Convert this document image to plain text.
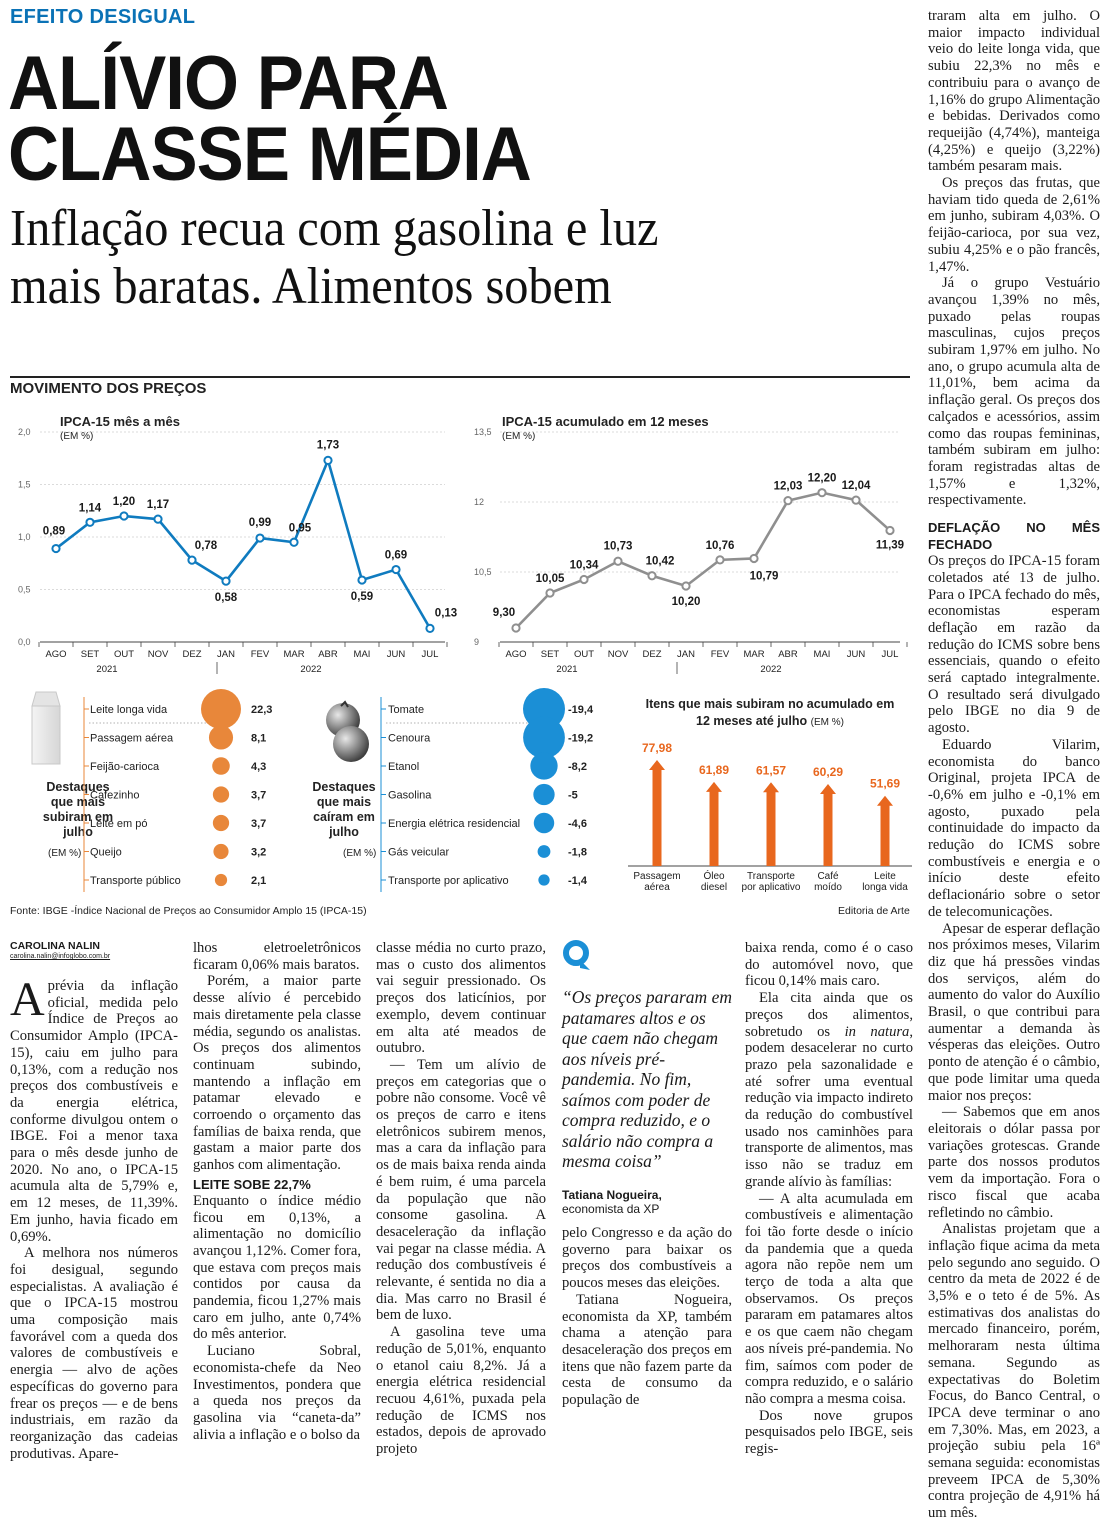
EFEITO DESIGUAL
ALÍVIO PARA
CLASSE MÉDIA
Inflação recua com gasolina e luz
mais baratas. Alimentos sobem
MOVIMENTO DOS PREÇOS
IPCA-15 mês a mês
(EM %)
0,0
0,5
1,0
1,5
2,0
AGO SET OUT NOV DEZ JAN FEV MAR ABR MAI JUN JUL
2021	2022
0,89
1,14
1,20 1,17
0,78
0,58
0,99 0,95
1,73
0,59
0,69
0,13
IPCA-15 acumulado em 12 meses
(EM %)
9
10,5
12
13,5
AGO SET OUT NOV DEZ JAN FEV MAR ABR MAI JUN JUL
2021	2022
9,30
10,05
10,34
10,73
10,42
10,20
10,76
10,79
12,03
12,20
12,04
11,39
Destaques que mais subiram em julho
(EM %)
Leite longa vida	22,3
Passagem aérea	8,1
Feijão-carioca	4,3
Cafezinho	3,7
Leite em pó	3,7
Queijo	3,2
Transporte público	2,1
Destaques que mais caíram em julho
(EM %)
Tomate	-19,4
Cenoura	-19,2
Etanol	-8,2
Gasolina	-5
Energia elétrica residencial	-4,6
Gás veicular	-1,8
Transporte por aplicativo	-1,4
Itens que mais subiram no acumulado em 12 meses até julho (EM %)
77,98
Passagem
aérea
61,89
Óleo
diesel
61,57
Transporte
por aplicativo
60,29
Café
moído
51,69
Leite
longa vida
Fonte: IBGE -Índice Nacional de Preços ao Consumidor Amplo 15 (IPCA-15)	Editoria de Arte
CAROLINA NALIN
carolina.nalin@infoglobo.com.br

Aprévia da inflação oficial, medida pelo Índice de Preços ao Consumidor Amplo (IPCA-15), caiu em julho para 0,13%, com a redução nos preços dos combustíveis e da energia elétrica, conforme divulgou ontem o IBGE. Foi a menor taxa para o mês desde junho de 2020. No ano, o IPCA-15 acumula alta de 5,79% e, em 12 meses, de 11,39%. Em junho, havia ficado em 0,69%.

A melhora nos números foi desigual, segundo especialistas. A avaliação é que o IPCA-15 mostrou uma composição mais favorável com a queda dos valores de combustíveis e energia — alvo de ações específicas do governo para frear os preços — e de bens industriais, em razão da reorganização das cadeias produtivas. Apare-

lhos eletroeletrônicos ficaram 0,06% mais baratos.

Porém, a maior parte desse alívio é percebido mais diretamente pela classe média, segundo os analistas. Os preços dos alimentos continuam subindo, mantendo a inflação em patamar elevado e corroendo o orçamento das famílias de baixa renda, que gastam a maior parte dos ganhos com alimentação.

LEITE SOBE 22,7%

Enquanto o índice médio ficou em 0,13%, a alimentação no domicílio avançou 1,12%. Comer fora, que estava com preços mais contidos por causa da pandemia, ficou 1,27% mais caro em julho, ante 0,74% do mês anterior.

Luciano Sobral, economista-chefe da Neo Investimentos, pondera que a queda nos preços da gasolina via “caneta-da” alivia a inflação e o bolso da

classe média no curto prazo, mas o custo dos alimentos vai seguir pressionado. Os preços dos laticínios, por exemplo, devem continuar em alta até meados de outubro.

— Tem um alívio de preços em categorias que o pobre não consome. Você vê os preços de carro e itens eletrônicos subirem menos, mas a cara da inflação para os de mais baixa renda ainda é bem ruim, é uma parcela da população que não consome gasolina. A desaceleração da inflação vai pegar na classe média. A redução dos combustíveis é relevante, é sentida no dia a dia. Mas carro no Brasil é bem de luxo.

A gasolina teve uma redução de 5,01%, enquanto o etanol caiu 8,2%. Já a energia elétrica residencial recuou 4,61%, puxada pela redução de ICMS nos estados, depois de aprovado projeto

“Os preços pararam em patamares altos e os que caem não chegam aos níveis pré-pandemia. No fim, saímos com poder de compra reduzido, e o salário não compra a mesma coisa”
Tatiana Nogueira,
economista da XP

pelo Congresso e da ação do governo para baixar os preços dos combustíveis a poucos meses das eleições.

Tatiana Nogueira, economista da XP, também chama a atenção para desaceleração dos preços em itens que não fazem parte da cesta de consumo da população de

baixa renda, como é o caso do automóvel novo, que ficou 0,14% mais caro.

Ela cita ainda que os preços dos alimentos, sobretudo os in natura, podem desacelerar no curto prazo pela sazonalidade e até sofrer uma eventual redução via impacto indireto da redução do combustível usado nos caminhões para transporte de alimentos, mas isso não se traduz em grande alívio às famílias:

— A alta acumulada em combustíveis e alimentação foi tão forte desde o início da pandemia que a queda agora não repõe nem um terço de toda a alta que observamos. Os preços pararam em patamares altos e os que caem não chegam aos níveis pré-pandemia. No fim, saímos com poder de compra reduzido, e o salário não compra a mesma coisa.

Dos nove grupos pesquisados pelo IBGE, seis regis-

traram alta em julho. O maior impacto individual veio do leite longa vida, que subiu 22,3% no mês e contribuiu para o avanço de 1,16% do grupo Alimentação e bebidas. Derivados como requeijão (4,74%), manteiga (4,25%) e queijo (3,22%) também pesaram mais.

Os preços das frutas, que haviam tido queda de 2,61% em junho, subiram 4,03%. O feijão-carioca, por sua vez, subiu 4,25% e o pão francês, 1,47%.

Já o grupo Vestuário avançou 1,39% no mês, puxado pelas roupas masculinas, cujos preços subiram 1,97% em julho. No ano, o grupo acumula alta de 11,01%, bem acima da inflação geral. Os preços dos calçados e acessórios, assim como das roupas femininas, também subiram em julho: foram registradas altas de 1,57% e 1,32%, respectivamente.

DEFLAÇÃO NO MÊS FECHADO

Os preços do IPCA-15 foram coletados até 13 de julho. Para o IPCA fechado do mês, economistas esperam deflação em razão da redução do ICMS sobre bens essenciais, quando o efeito será captado integralmente. O resultado será divulgado pelo IBGE no dia 9 de agosto.

Eduardo Vilarim, economista do banco Original, projeta IPCA de -0,6% em julho e -0,1% em agosto, puxado pela continuidade do impacto da redução do ICMS sobre combustíveis e energia e o início deste efeito deflacionário sobre o setor de telecomunicações.

Apesar de esperar deflação nos próximos meses, Vilarim diz que há pressões vindas dos serviços, além do aumento do valor do Auxílio Brasil, o que contribui para aumentar a demanda às vésperas das eleições. Outro ponto de atenção é o câmbio, que pode limitar uma queda maior nos preços:

— Sabemos que em anos eleitorais o dólar passa por variações grotescas. Grande parte dos nossos produtos vem da importação. Fora o risco fiscal que acaba refletindo no câmbio.

Analistas projetam que a inflação fique acima da meta pelo segundo ano seguido. O centro da meta de 2022 é de 3,5% e o teto é de 5%. As estimativas dos analistas do mercado financeiro, porém, melhoraram nesta última semana. Segundo as expectativas do Boletim Focus, do Banco Central, o IPCA deve terminar o ano em 7,30%. Mas, em 2023, a projeção subiu pela 16ª semana seguida: economistas preveem IPCA de 5,30% contra projeção de 4,91% há um mês.
